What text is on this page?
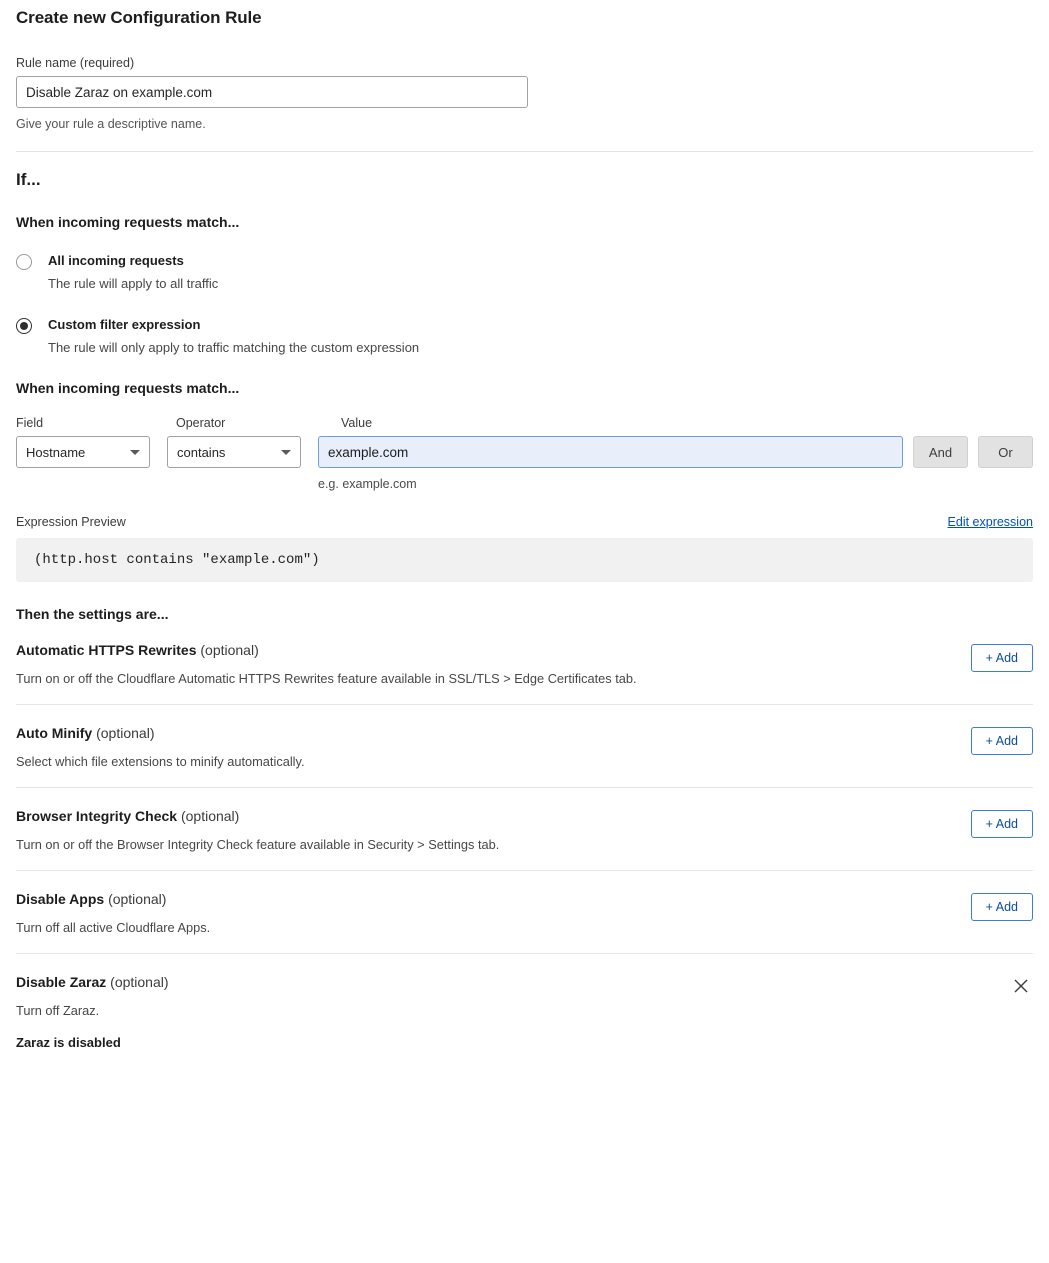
Create new Configuration Rule
Rule name (required)
Disable Zaraz on example.com
Give your rule a descriptive name.
If...
When incoming requests match...
All incoming requests
The rule will apply to all traffic
Custom filter expression
The rule will only apply to traffic matching the custom expression
When incoming requests match...
Field	Operator	Value
Hostname	contains
example.com
e.g. example.com
And	Or
Expression Preview	Edit expression
(http.host contains "example.com")
Then the settings are...
Automatic HTTPS Rewrites (optional)
Turn on or off the Cloudflare Automatic HTTPS Rewrites feature available in SSL/TLS > Edge Certificates tab.
+ Add
Auto Minify (optional)
Select which file extensions to minify automatically.
+ Add
Browser Integrity Check (optional)
Turn on or off the Browser Integrity Check feature available in Security > Settings tab.
+ Add
Disable Apps (optional)
Turn off all active Cloudflare Apps.
+ Add
Disable Zaraz (optional)
Turn off Zaraz.
Zaraz is disabled
